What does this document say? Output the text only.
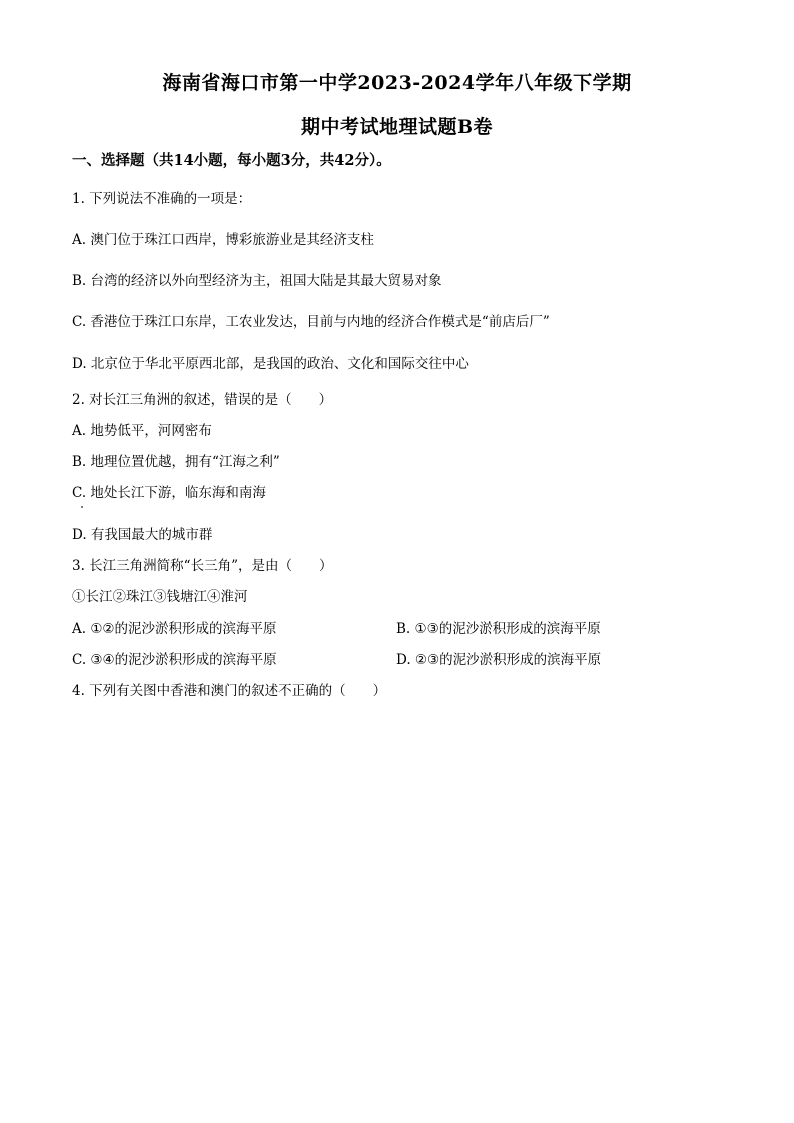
海南省海口市第一中学2023-2024学年八年级下学期
期中考试地理试题B卷
一、选择题（共14小题，每小题3分，共42分）。
1. 下列说法不准确的一项是：
A. 澳门位于珠江口西岸，博彩旅游业是其经济支柱
B. 台湾的经济以外向型经济为主，祖国大陆是其最大贸易对象
C. 香港位于珠江口东岸，工农业发达，目前与内地的经济合作模式是“前店后厂”
D. 北京位于华北平原西北部，是我国的政治、文化和国际交往中心
2. 对长江三角洲的叙述，错误的是（　　）
A. 地势低平，河网密布
B. 地理位置优越，拥有“江海之利”
C. 地处长江下游，临东海和南海
D. 有我国最大的城市群
3. 长江三角洲简称“长三角”，是由（　　）
①长江②珠江③钱塘江④淮河
A. ①②的泥沙淤积形成的滨海平原	B. ①③的泥沙淤积形成的滨海平原
C. ③④的泥沙淤积形成的滨海平原	D. ②③的泥沙淤积形成的滨海平原
4. 下列有关图中香港和澳门的叙述不正确的（　　）
